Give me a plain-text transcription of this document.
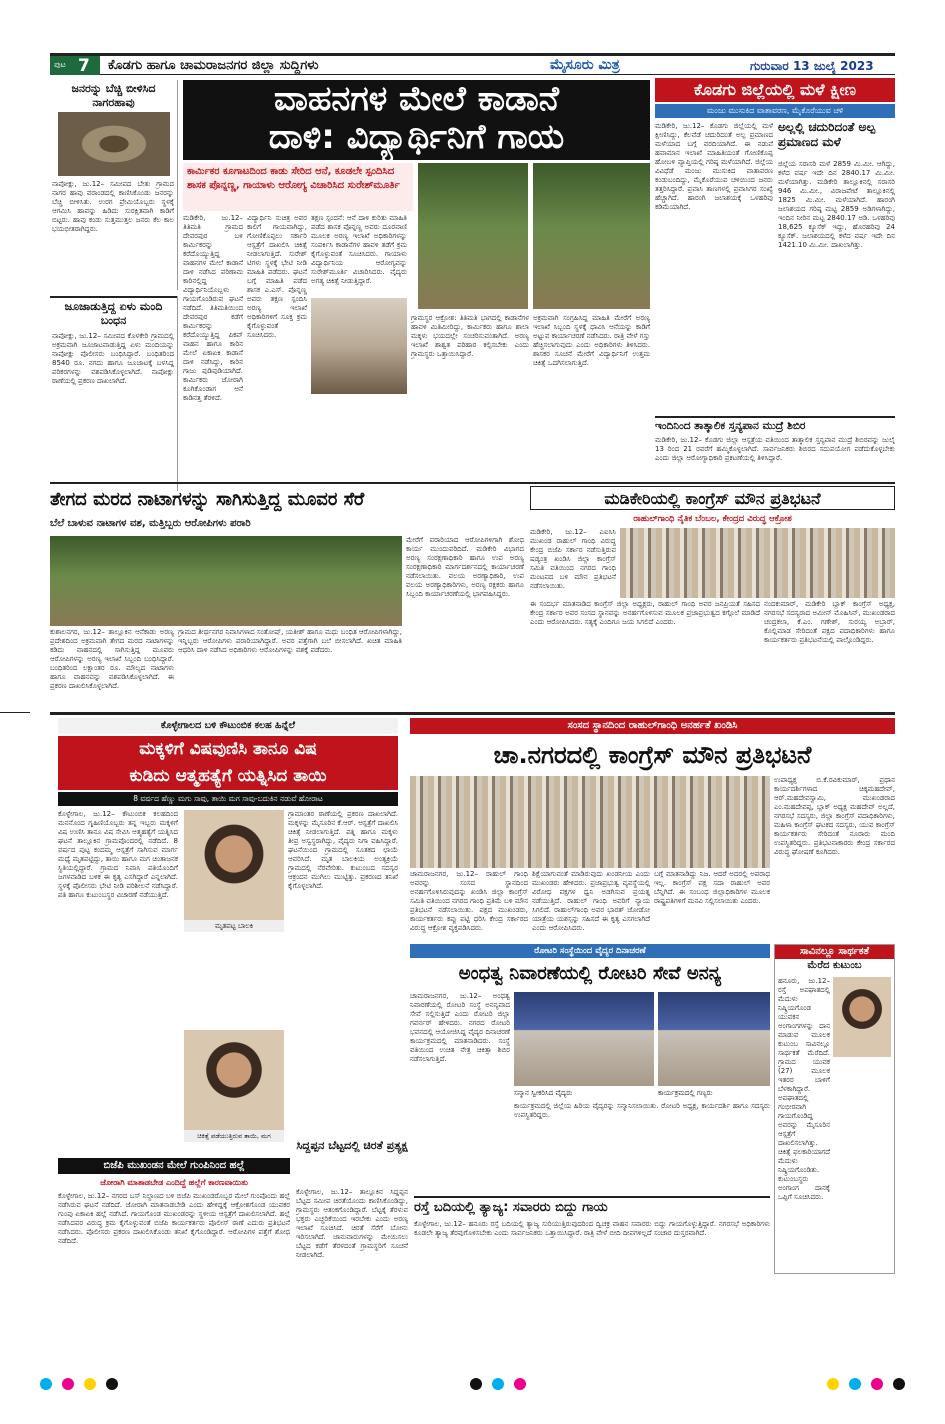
ಪುಟ 7 ಕೊಡಗು ಹಾಗೂ ಚಾಮರಾಜನಗರ ಜಿಲ್ಲಾ ಸುದ್ದಿಗಳು	ಮೈಸೂರು ಮಿತ್ರ	ಗುರುವಾರ 13 ಜುಲೈ 2023
ಜನರನ್ನು ಬೆಚ್ಚಿ ಬೀಳಿಸಿದ ನಾಗರಹಾವು
ನಾಪೋಕ್ಲು, ಜು.12– ಸಮೀಪದ ಬೇತು ಗ್ರಾಮದ ನಾಗರ ಹಾವು ವರಾಂಡದಲ್ಲಿ ಕಾಣಿಸಿಕೊಂಡು ಜನರನ್ನು ಬೆಚ್ಚಿ ಬೀಳಿಸಿತು. ಉರಗ ಪ್ರೇಮಿಯೊಬ್ಬರು ಸ್ಥಳಕ್ಕೆ ಆಗಮಿಸಿ ಹಾವನ್ನು ಹಿಡಿದು ಸುರಕ್ಷಿತವಾಗಿ ಕಾಡಿಗೆ ಬಿಟ್ಟರು. ಹಾವು ಕಂಡು ಸುತ್ತಮುತ್ತಲ ಜನರು ಕೆಲ ಕಾಲ ಭಯಭೀತರಾಗಿದ್ದರು.
ಜೂಜಾಡುತ್ತಿದ್ದ ಏಳು ಮಂದಿ ಬಂಧನ
ನಾಪೋಕ್ಲು, ಜು.12– ಸಮೀಪದ ಕೊಳಕೇರಿ ಗ್ರಾಮದಲ್ಲಿ ಅಕ್ರಮವಾಗಿ ಜೂಜಾಟವಾಡುತ್ತಿದ್ದ ಏಳು ಮಂದಿಯನ್ನು ನಾಪೋಕ್ಲು ಪೊಲೀಸರು ಬಂಧಿಸಿದ್ದಾರೆ. ಬಂಧಿತರಿಂದ 8540 ರೂ. ನಗದು ಹಾಗೂ ಜೂಜಾಟಕ್ಕೆ ಬಳಸಿದ್ದ ಪರಿಕರಗಳನ್ನು ವಶಪಡಿಸಿಕೊಳ್ಳಲಾಗಿದೆ. ನಾಪೋಕ್ಲು ಠಾಣೆಯಲ್ಲಿ ಪ್ರಕರಣ ದಾಖಲಾಗಿದೆ.
ವಾಹನಗಳ ಮೇಲೆ ಕಾಡಾನೆ
ದಾಳಿ: ವಿದ್ಯಾರ್ಥಿನಿಗೆ ಗಾಯ
ಕಾರ್ಮಿಕರ ಕೂಗಾಟದಿಂದ ಕಾಡು ಸೇರಿದ ಆನೆ, ಕೂಡಲೇ ಸ್ಪಂದಿಸಿದ ಶಾಸಕ ಪೊನ್ನಣ್ಣ, ಗಾಯಾಳು ಆರೋಗ್ಯ ವಿಚಾರಿಸಿದ ಸುರೇಶ್‌ಮೂರ್ತಿ
ಮಡಿಕೇರಿ, ಜು.12– ತಿತಿಮತಿ ಗ್ರಾಮದ ದೇವರಪುರ ಬಳಿ ಕಾರ್ಮಿಕರನ್ನು ಕರೆದೊಯ್ಯುತ್ತಿದ್ದ ವಾಹನಗಳ ಮೇಲೆ ಕಾಡಾನೆ ದಾಳಿ ನಡೆಸಿದ ಪರಿಣಾಮ ಕಾರಿನಲ್ಲಿದ್ದ ವಿದ್ಯಾರ್ಥಿನಿಯೊಬ್ಬಳು ಗಾಯಗೊಂಡಿರುವ ಘಟನೆ ನಡೆದಿದೆ. ತಿತಿಮತಿಯಿಂದ ದೇವರಪುರ ಕಡೆಗೆ ಕಾರ್ಮಿಕರನ್ನು ಕರೆದೊಯ್ಯುತ್ತಿದ್ದ ಪಿಕಪ್ ವಾಹನ ಹಾಗೂ ಕಾರಿನ ಮೇಲೆ ಏಕಾಏಕಿ ಕಾಡಾನೆ ದಾಳಿ ನಡೆಸಿದ್ದು, ಕಾರಿನ ಗಾಜು ಪುಡಿಪುಡಿಯಾಗಿದೆ. ಕಾರ್ಮಿಕರು ಜೋರಾಗಿ ಕೂಗಿಕೊಂಡಾಗ ಆನೆ ಕಾಡಿನತ್ತ ತೆರಳಿದೆ.
ವಿದ್ಯಾರ್ಥಿನಿ ಸುಚಿತ್ರ ಅವರ ಕಾಲಿಗೆ ಗಾಯವಾಗಿದ್ದು, ಗೋಣಿಕೊಪ್ಪಲು ಸರ್ಕಾರಿ ಆಸ್ಪತ್ರೆಗೆ ದಾಖಲಿಸಿ ಚಿಕಿತ್ಸೆ ನೀಡಲಾಗುತ್ತಿದೆ. ಸುರೇಶ್ ಟಿಗಳು ಸ್ಥಳಕ್ಕೆ ಭೇಟಿ ನೀಡಿ ಮಾಹಿತಿ ಪಡೆದರು. ಘಟನೆ ಬಗ್ಗೆ ಮಾಹಿತಿ ಪಡೆದ ಶಾಸಕ ಎ.ಎಸ್. ಪೊನ್ನಣ್ಣ ಅವರು ತಕ್ಷಣ ಸ್ಪಂದಿಸಿ ಅರಣ್ಯ ಇಲಾಖೆ ಅಧಿಕಾರಿಗಳಿಗೆ ಸೂಕ್ತ ಕ್ರಮ ಕೈಗೊಳ್ಳುವಂತೆ ಸೂಚಿಸಿದರು.
ತಕ್ಷಣ ಸ್ಪಂದನೆ: ಆನೆ ದಾಳಿ ಕುರಿತು ಮಾಹಿತಿ ಪಡೆದ ಶಾಸಕ ಪೊನ್ನಣ್ಣ ಅವರು ದೂರವಾಣಿ ಮೂಲಕ ಅರಣ್ಯ ಇಲಾಖೆ ಅಧಿಕಾರಿಗಳನ್ನು ಸಂಪರ್ಕಿಸಿ ಕಾಡಾನೆಗಳ ಹಾವಳಿ ತಡೆಗೆ ಕ್ರಮ ಕೈಗೊಳ್ಳುವಂತೆ ಸೂಚಿಸಿದರು. ಗಾಯಾಳು ವಿದ್ಯಾರ್ಥಿನಿಯ ಆರೋಗ್ಯವನ್ನು ಸುರೇಶ್‌ಮೂರ್ತಿ ವಿಚಾರಿಸಿದರು. ವೈದ್ಯರು ಅಗತ್ಯ ಚಿಕಿತ್ಸೆ ನೀಡುತ್ತಿದ್ದಾರೆ.
ಗ್ರಾಮಸ್ಥರ ಆಕ್ರೋಶ: ತಿತಿಮತಿ ಭಾಗದಲ್ಲಿ ಕಾಡಾನೆಗಳ ಹಾವಳಿ ಮಿತಿಮೀರಿದ್ದು, ಕಾರ್ಮಿಕರು ಹಾಗೂ ಶಾಲಾ ಮಕ್ಕಳು ಭಯದಲ್ಲೇ ಸಂಚರಿಸುವಂತಾಗಿದೆ. ಅರಣ್ಯ ಇಲಾಖೆ ಶಾಶ್ವತ ಪರಿಹಾರ ಕಲ್ಪಿಸಬೇಕು ಎಂದು ಗ್ರಾಮಸ್ಥರು ಒತ್ತಾಯಿಸಿದ್ದಾರೆ.
ಅಕ್ರಮವಾಗಿ ಸಂಗ್ರಹಿಸಿದ್ದ ಮಾಹಿತಿ ಮೇರೆಗೆ ಅರಣ್ಯ ಇಲಾಖೆ ಸಿಬ್ಬಂದಿ ಸ್ಥಳಕ್ಕೆ ಧಾವಿಸಿ ಆನೆಯನ್ನು ಕಾಡಿಗೆ ಅಟ್ಟುವ ಕಾರ್ಯಾಚರಣೆ ನಡೆಸಿದರು. ರಾತ್ರಿ ವೇಳೆ ಗಸ್ತು ಹೆಚ್ಚಿಸಲಾಗುವುದು ಎಂದು ಅಧಿಕಾರಿಗಳು ತಿಳಿಸಿದರು. ಶಾಸಕರ ಸೂಚನೆ ಮೇರೆಗೆ ವಿದ್ಯಾರ್ಥಿನಿಗೆ ಉತ್ತಮ ಚಿಕಿತ್ಸೆ ಒದಗಿಸಲಾಗುತ್ತಿದೆ.
ಕೊಡಗು ಜಿಲ್ಲೆಯಲ್ಲಿ ಮಳೆ ಕ್ಷೀಣ
ಮಂಜು ಮುಸುಕಿದ ವಾತಾವರಣ, ಮೈಕೊರೆಯುವ ಚಳಿ
ಮಡಿಕೇರಿ, ಜು.12– ಕೊಡಗು ಜಿಲ್ಲೆಯಲ್ಲಿ ಮಳೆ ಕ್ಷೀಣಿಸಿದ್ದು, ಕೆಲವೆಡೆ ಚದುರಿದಂತೆ ಅಲ್ಪ ಪ್ರಮಾಣದ ಮಳೆಯಾದ ಬಗ್ಗೆ ವರದಿಯಾಗಿದೆ. ಈ ನಡುವೆ ಹವಾಮಾನ ಇಲಾಖೆ ಮಾಹಿತಿಯಂತೆ ಗೋಣಿಕೊಪ್ಪ ಹೋಬಳಿ ವ್ಯಾಪ್ತಿಯಲ್ಲಿ ಗರಿಷ್ಠ ಮಳೆಯಾಗಿದೆ. ಜಿಲ್ಲೆಯ ವಿವಿಧೆಡೆ ಮಂಜು ಮುಸುಕಿದ ವಾತಾವರಣ ಕಂಡುಬಂದಿದ್ದು, ಮೈಕೊರೆಯುವ ಚಳಿಯಿಂದ ಜನರು ತತ್ತರಿಸಿದ್ದಾರೆ. ಪ್ರವಾಸಿ ತಾಣಗಳಲ್ಲಿ ಪ್ರವಾಸಿಗರ ಸಂಖ್ಯೆ ಹೆಚ್ಚಾಗಿದೆ. ಹಾರಂಗಿ ಜಲಾಶಯಕ್ಕೆ ಒಳಹರಿವು ಕಡಿಮೆಯಾಗಿದೆ.
ಅಲ್ಲಲ್ಲಿ ಚದುರಿದಂತೆ ಅಲ್ಪ ಪ್ರಮಾಣದ ಮಳೆ
ಜಿಲ್ಲೆಯ ಸರಾಸರಿ ಮಳೆ 2859 ಮಿ.ಮೀ. ಆಗಿದ್ದು, ಕಳೆದ ವರ್ಷ ಇದೇ ದಿನ 2840.17 ಮಿ.ಮೀ. ಮಳೆಯಾಗಿತ್ತು. ಮಡಿಕೇರಿ ತಾಲ್ಲೂಕಿನಲ್ಲಿ ಸರಾಸರಿ 946 ಮಿ.ಮೀ., ವಿರಾಜಪೇಟೆ ತಾಲ್ಲೂಕಿನಲ್ಲಿ 1825 ಮಿ.ಮೀ. ಮಳೆಯಾಗಿದೆ. ಹಾರಂಗಿ ಜಲಾಶಯದ ಗರಿಷ್ಠ ಮಟ್ಟ 2859 ಅಡಿಗಳಾಗಿದ್ದು, ಇಂದಿನ ನೀರಿನ ಮಟ್ಟ 2840.17 ಅಡಿ. ಒಳಹರಿವು 18,625 ಕ್ಯೂಸೆಕ್ ಇದ್ದು, ಹೊರಹರಿವು 24 ಕ್ಯೂಸೆಕ್. ಜಲಾಶಯದಲ್ಲಿ ಕಳೆದ ವರ್ಷ ಇದೇ ದಿನ 1421.10 ಮಿ.ಮೀ. ದಾಖಲಾಗಿತ್ತು.
ಇಂದಿನಿಂದ ತಾತ್ಕಾಲಿಕ ಸ್ತನ್ಯಪಾನ ಮುದ್ರೆ ಶಿಬಿರ
ಮಡಿಕೇರಿ, ಜು.12– ಕೊಡಗು ಜಿಲ್ಲಾ ಆಸ್ಪತ್ರೆಯ ವತಿಯಿಂದ ತಾತ್ಕಾಲಿಕ ಸ್ತನ್ಯಪಾನ ಮುದ್ರೆ ಶಿಬಿರವನ್ನು ಜುಲೈ 13 ರಿಂದ 21 ರವರೆಗೆ ಹಮ್ಮಿಕೊಳ್ಳಲಾಗಿದೆ. ಸಾರ್ವಜನಿಕರು ಶಿಬಿರದ ಸದುಪಯೋಗ ಪಡೆದುಕೊಳ್ಳಬೇಕು ಎಂದು ಜಿಲ್ಲಾ ಆರೋಗ್ಯಾಧಿಕಾರಿ ಪ್ರಕಟಣೆಯಲ್ಲಿ ತಿಳಿಸಿದ್ದಾರೆ.
ತೇಗದ ಮರದ ನಾಟಾಗಳನ್ನು ಸಾಗಿಸುತ್ತಿದ್ದ ಮೂವರ ಸೆರೆ
ಬೆಲೆ ಬಾಳುವ ನಾಟಾಗಳ ವಶ, ಮತ್ತಿಬ್ಬರು ಆರೋಪಿಗಳು ಪರಾರಿ
ಕುಶಾಲನಗರ, ಜು.12– ತಾಲ್ಲೂಕಿನ ಆನೆಕಾಡು ಅರಣ್ಯ ಪ್ರದೇಶದಿಂದ ಅಕ್ರಮವಾಗಿ ತೇಗದ ಮರದ ನಾಟಾಗಳನ್ನು ಕಡಿದು ವಾಹನದಲ್ಲಿ ಸಾಗಿಸುತ್ತಿದ್ದ ಮೂವರು ಆರೋಪಿಗಳನ್ನು ಅರಣ್ಯ ಇಲಾಖೆ ಸಿಬ್ಬಂದಿ ಬಂಧಿಸಿದ್ದಾರೆ. ಬಂಧಿತರಿಂದ ಲಕ್ಷಾಂತರ ರೂ. ಮೌಲ್ಯದ ನಾಟಾಗಳು ಹಾಗೂ ವಾಹನವನ್ನು ವಶಪಡಿಸಿಕೊಳ್ಳಲಾಗಿದೆ. ಈ ಪ್ರಕರಣ ದಾಖಲಿಸಿಕೊಳ್ಳಲಾಗಿದೆ.
ಗ್ರಾಮದ ತೀರ್ಥನಗರ ನಿವಾಸಿಗಳಾದ ಸಂತೋಷ್, ಯತೀಶ್ ಹಾಗೂ ಮಧು ಬಂಧಿತ ಆರೋಪಿಗಳಾಗಿದ್ದು, ಇನ್ನಿಬ್ಬರು ಆರೋಪಿಗಳು ಪರಾರಿಯಾಗಿದ್ದಾರೆ. ಅವರ ಪತ್ತೆಗಾಗಿ ಬಲೆ ಬೀಸಲಾಗಿದೆ. ಖಚಿತ ಮಾಹಿತಿ ಆಧರಿಸಿ ದಾಳಿ ನಡೆಸಿದ ಅಧಿಕಾರಿಗಳು ಆರೋಪಿಗಳನ್ನು ವಶಕ್ಕೆ ಪಡೆದರು.
ಮೇರೆಗೆ ಪರಾರಿಯಾದ ಆರೋಪಿಗಳಿಗಾಗಿ ಶೋಧ ಕಾರ್ಯ ಮುಂದುವರಿದಿದೆ. ಮಡಿಕೇರಿ ವಿಭಾಗದ ಅರಣ್ಯ ಸಂರಕ್ಷಣಾಧಿಕಾರಿ ಹಾಗೂ ಉಪ ಅರಣ್ಯ ಸಂರಕ್ಷಣಾಧಿಕಾರಿ ಮಾರ್ಗದರ್ಶನದಲ್ಲಿ ಕಾರ್ಯಾಚರಣೆ ನಡೆಸಲಾಯಿತು. ವಲಯ ಅರಣ್ಯಾಧಿಕಾರಿ, ಉಪ ವಲಯ ಅರಣ್ಯಾಧಿಕಾರಿಗಳು, ಅರಣ್ಯ ರಕ್ಷಕರು ಹಾಗೂ ಸಿಬ್ಬಂದಿ ಕಾರ್ಯಾಚರಣೆಯಲ್ಲಿ ಭಾಗವಹಿಸಿದ್ದರು.
ಮಡಿಕೇರಿಯಲ್ಲಿ ಕಾಂಗ್ರೆಸ್ ಮೌನ ಪ್ರತಿಭಟನೆ
ರಾಹುಲ್‌ಗಾಂಧಿ ನೈತಿಕ ಬೆಂಬಲ, ಕೇಂದ್ರದ ವಿರುದ್ಧ ಆಕ್ರೋಶ
ಮಡಿಕೇರಿ, ಜು.12– ಎಐಸಿಸಿ ಮುಖಂಡ ರಾಹುಲ್ ಗಾಂಧಿ ವಿರುದ್ಧ ಕೇಂದ್ರ ಬಿಜೆಪಿ ಸರ್ಕಾರ ನಡೆಸುತ್ತಿರುವ ಷಡ್ಯಂತ್ರ ಖಂಡಿಸಿ ಜಿಲ್ಲಾ ಕಾಂಗ್ರೆಸ್ ಸಮಿತಿ ವತಿಯಿಂದ ನಗರದ ಗಾಂಧಿ ಮಂಟಪದ ಬಳಿ ಮೌನ ಪ್ರತಿಭಟನೆ ನಡೆಸಲಾಯಿತು.
ಈ ಸಂದರ್ಭ ಮಾತನಾಡಿದ ಕಾಂಗ್ರೆಸ್ ಜಿಲ್ಲಾ ಅಧ್ಯಕ್ಷರು, ರಾಹುಲ್ ಗಾಂಧಿ ಅವರ ಜನಪ್ರಿಯತೆ ಸಹಿಸದ ಕೇಂದ್ರ ಸರ್ಕಾರ ಅವರ ಸಂಸದ ಸ್ಥಾನವನ್ನು ಅನರ್ಹಗೊಳಿಸುವ ಮೂಲಕ ಪ್ರಜಾಪ್ರಭುತ್ವದ ಕಗ್ಗೊಲೆ ಮಾಡಿದೆ ಎಂದು ಆರೋಪಿಸಿದರು. ಸತ್ಯಕ್ಕೆ ಎಂದಿಗೂ ಜಯ ಸಿಗಲಿದೆ ಎಂದರು.
ನಂದಕುಮಾರ್, ಮಡಿಕೇರಿ ಬ್ಲಾಕ್ ಕಾಂಗ್ರೆಸ್ ಅಧ್ಯಕ್ಷ, ನಗರಸಭೆ ಸದಸ್ಯರಾದ ಅಮೀನ್ ಮೊಹಿಸಿನ್, ಮುಖಂಡರಾದ ಚಂದ್ರಕಲಾ, ಕೆ.ಎಂ. ಗಣೇಶ್, ಸುರಯ್ಯ ಅಬ್ರಾರ್, ಕೊಲ್ಲಿಮಾಡ ಸೇರಿದಂತೆ ಪಕ್ಷದ ಪದಾಧಿಕಾರಿಗಳು ಹಾಗೂ ಕಾರ್ಯಕರ್ತರು ಪ್ರತಿಭಟನೆಯಲ್ಲಿ ಪಾಲ್ಗೊಂಡಿದ್ದರು.
ಕೊಳ್ಳೇಗಾಲದ ಬಳಿ ಕೌಟುಂಬಿಕ ಕಲಹ ಹಿನ್ನೆಲೆ
ಮಕ್ಕಳಿಗೆ ವಿಷವುಣಿಸಿ ತಾನೂ ವಿಷ
ಕುಡಿದು ಆತ್ಮಹತ್ಯೆಗೆ ಯತ್ನಿಸಿದ ತಾಯಿ
8 ವರ್ಷದ ಹೆಣ್ಣು ಮಗು ಸಾವು, ತಾಯಿ ಮಗ ಸಾವು-ಬದುಕಿನ ನಡುವೆ ಹೋರಾಟ
ಕೊಳ್ಳೇಗಾಲ, ಜು.12– ಕೌಟುಂಬಿಕ ಕಲಹದಿಂದ ಮನನೊಂದ ಗೃಹಿಣಿಯೊಬ್ಬರು ತನ್ನ ಇಬ್ಬರು ಮಕ್ಕಳಿಗೆ ವಿಷ ಉಣಿಸಿ ತಾನೂ ವಿಷ ಸೇವಿಸಿ ಆತ್ಮಹತ್ಯೆಗೆ ಯತ್ನಿಸಿದ ಘಟನೆ ತಾಲ್ಲೂಕಿನ ಗ್ರಾಮವೊಂದರಲ್ಲಿ ನಡೆದಿದೆ. 8 ವರ್ಷದ ಪುಟ್ಟ ಕಂದಮ್ಮ ಆಸ್ಪತ್ರೆಗೆ ಸಾಗಿಸುವ ಮಾರ್ಗ ಮಧ್ಯೆ ಮೃತಪಟ್ಟಿದ್ದು, ತಾಯಿ ಹಾಗೂ ಮಗ ಚಿಂತಾಜನಕ ಸ್ಥಿತಿಯಲ್ಲಿದ್ದಾರೆ. ಗ್ರಾಮದ ನಿವಾಸಿ ಪತಿಯೊಂದಿಗೆ ಜಗಳವಾಡಿದ ಬಳಿಕ ಈ ಕೃತ್ಯ ಎಸಗಿದ್ದಾರೆ ಎನ್ನಲಾಗಿದೆ. ಸ್ಥಳಕ್ಕೆ ಪೊಲೀಸರು ಭೇಟಿ ನೀಡಿ ಪರಿಶೀಲನೆ ನಡೆಸಿದ್ದಾರೆ. ಪತಿ ಹಾಗೂ ಕುಟುಂಬಸ್ಥರ ವಿಚಾರಣೆ ನಡೆಯುತ್ತಿದೆ.
ಮೃತಪಟ್ಟ ಬಾಲಕಿ
ಗ್ರಾಮಾಂತರ ಠಾಣೆಯಲ್ಲಿ ಪ್ರಕರಣ ದಾಖಲಾಗಿದೆ. ಮಕ್ಕಳನ್ನು ಮೈಸೂರಿನ ಕೆ.ಆರ್. ಆಸ್ಪತ್ರೆಗೆ ದಾಖಲಿಸಿ ಚಿಕಿತ್ಸೆ ನೀಡಲಾಗುತ್ತಿದೆ. ಪತ್ನಿ ಹಾಗೂ ಮಕ್ಕಳು ತೀವ್ರ ಅಸ್ವಸ್ಥರಾಗಿದ್ದು, ವೈದ್ಯರು ನಿಗಾ ವಹಿಸಿದ್ದಾರೆ. ಘಟನೆಯಿಂದ ಗ್ರಾಮದಲ್ಲಿ ಸೂತಕದ ಛಾಯೆ ಆವರಿಸಿದೆ. ಮೃತ ಬಾಲಕಿಯ ಅಂತ್ಯಕ್ರಿಯೆ ಗ್ರಾಮದಲ್ಲಿ ನೆರವೇರಿತು. ಕುಟುಂಬದ ಸದಸ್ಯರ ಆಕ್ರಂದನ ಮುಗಿಲು ಮುಟ್ಟಿತ್ತು. ಪ್ರಕರಣದ ತನಿಖೆ ಕೈಗೊಳ್ಳಲಾಗಿದೆ.
ಚಿಕಿತ್ಸೆ ಪಡೆಯುತ್ತಿರುವ ತಾಯಿ, ಮಗ
ಸಂಸದ ಸ್ಥಾನದಿಂದ ರಾಹುಲ್‌ಗಾಂಧಿ ಅನರ್ಹತೆ ಖಂಡಿಸಿ
ಚಾ.ನಗರದಲ್ಲಿ ಕಾಂಗ್ರೆಸ್ ಮೌನ ಪ್ರತಿಭಟನೆ
ಚಾಮರಾಜನಗರ, ಜು.12– ರಾಹುಲ್ ಗಾಂಧಿ ಅವರನ್ನು ಸಂಸದ ಸ್ಥಾನದಿಂದ ಅನರ್ಹಗೊಳಿಸಿರುವುದನ್ನು ಖಂಡಿಸಿ ಜಿಲ್ಲಾ ಕಾಂಗ್ರೆಸ್ ಸಮಿತಿ ವತಿಯಿಂದ ನಗರದ ಗಾಂಧಿ ಪ್ರತಿಮೆ ಬಳಿ ಮೌನ ಪ್ರತಿಭಟನೆ ನಡೆಸಲಾಯಿತು. ಪಕ್ಷದ ಮುಖಂಡರು, ಕಾರ್ಯಕರ್ತರು ಕಪ್ಪು ಪಟ್ಟಿ ಧರಿಸಿ ಕೇಂದ್ರ ಸರ್ಕಾರದ ವಿರುದ್ಧ ಆಕ್ರೋಶ ವ್ಯಕ್ತಪಡಿಸಿದರು.
ಶಿಕ್ಷೆಯಾಗುವಂತೆ ಮಾಡಿರುವುದು ಖಂಡನೀಯ ಎಂದು ಮುಖಂಡರು ಹೇಳಿದರು. ಪ್ರಜಾಪ್ರಭುತ್ವ ವ್ಯವಸ್ಥೆಯಲ್ಲಿ ವಿರೋಧ ಪಕ್ಷಗಳ ಧ್ವನಿ ಅಡಗಿಸುವ ಪ್ರಯತ್ನ ನಡೆಯುತ್ತಿದೆ. ರಾಹುಲ್ ಗಾಂಧಿ ಅವರಿಗೆ ನ್ಯಾಯ ಸಿಗಲಿದೆ. ರಾಹುಲ್‌ಗಾಂಧಿ ಅವರ ಭಾರತ್ ಜೋಡೋ ಯಾತ್ರೆಯ ಯಶಸ್ಸನ್ನು ಸಹಿಸದೆ ಈ ಕೃತ್ಯ ಎಸಗಲಾಗಿದೆ ಎಂದು ಆರೋಪಿಸಿದರು.
ಬಗ್ಗೆ ಮಾತನಾಡಿದ್ದು ನಿಜ. ಆದರೆ ಅದರಲ್ಲಿ ಅಪರಾಧ ಇಲ್ಲ. ಕಾಂಗ್ರೆಸ್ ಪಕ್ಷ ಸದಾ ರಾಹುಲ್ ಅವರ ಬೆನ್ನಿಗಿದೆ. ಈ ಸಂಬಂಧ ಜಿಲ್ಲಾಧಿಕಾರಿಗಳ ಮೂಲಕ ರಾಷ್ಟ್ರಪತಿಗಳಿಗೆ ಮನವಿ ಸಲ್ಲಿಸಲಾಯಿತು ಎಂದರು.
ಉಪಾಧ್ಯಕ್ಷ ಬಿ.ಕೆ.ರವಿಕುಮಾರ್, ಪ್ರಧಾನ ಕಾರ್ಯದರ್ಶಿಗಳಾದ ಚಿಕ್ಕಮಹದೇವ್, ಆರ್.ಮಹದೇವಸ್ವಾಮಿ, ಮುಖಂಡರಾದ ಎಂ.ಮಹದೇವಪ್ಪ, ಬ್ಲಾಕ್ ಅಧ್ಯಕ್ಷ ಮಹದೇವ್ ಅಲ್ಲದೆ, ನಗರಸಭೆ ಸದಸ್ಯರು, ಜಿಲ್ಲಾ ಕಾಂಗ್ರೆಸ್ ಪದಾಧಿಕಾರಿಗಳು, ಮಹಿಳಾ ಕಾಂಗ್ರೆಸ್ ಘಟಕದ ಸದಸ್ಯರು, ಯುವ ಕಾಂಗ್ರೆಸ್ ಕಾರ್ಯಕರ್ತರು ಸೇರಿದಂತೆ ನೂರಾರು ಮಂದಿ ಉಪಸ್ಥಿತರಿದ್ದರು. ಪ್ರತಿಭಟನಾಕಾರರು ಕೇಂದ್ರ ಸರ್ಕಾರದ ವಿರುದ್ಧ ಘೋಷಣೆ ಕೂಗಿದರು.
ರೋಟರಿ ಸಂಸ್ಥೆಯಿಂದ ವೈದ್ಯರ ದಿನಾಚರಣೆ
ಅಂಧತ್ವ ನಿವಾರಣೆಯಲ್ಲಿ ರೋಟರಿ ಸೇವೆ ಅನನ್ಯ
ಚಾಮರಾಜನಗರ, ಜು.12– ಅಂಧತ್ವ ನಿವಾರಣೆಯಲ್ಲಿ ರೋಟರಿ ಸಂಸ್ಥೆ ಅನನ್ಯವಾದ ಸೇವೆ ಸಲ್ಲಿಸುತ್ತಿದೆ ಎಂದು ರೋಟರಿ ಜಿಲ್ಲಾ ಗವರ್ನರ್ ಹೇಳಿದರು. ನಗರದ ರೋಟರಿ ಭವನದಲ್ಲಿ ಆಯೋಜಿಸಿದ್ದ ವೈದ್ಯರ ದಿನಾಚರಣೆ ಕಾರ್ಯಕ್ರಮದಲ್ಲಿ ಮಾತನಾಡಿದರು. ಸಂಸ್ಥೆ ವತಿಯಿಂದ ಉಚಿತ ನೇತ್ರ ಚಿಕಿತ್ಸಾ ಶಿಬಿರ ನಡೆಸಲಾಗುತ್ತಿದೆ.
ಸನ್ಮಾನ ಸ್ವೀಕರಿಸಿದ ವೈದ್ಯರು	ಕಾರ್ಯಕ್ರಮದಲ್ಲಿ ಗಣ್ಯರು
ಕಾರ್ಯಕ್ರಮದಲ್ಲಿ ಜಿಲ್ಲೆಯ ಹಿರಿಯ ವೈದ್ಯರನ್ನು ಸನ್ಮಾನಿಸಲಾಯಿತು. ರೋಟರಿ ಅಧ್ಯಕ್ಷ, ಕಾರ್ಯದರ್ಶಿ ಹಾಗೂ ಸದಸ್ಯರು ಉಪಸ್ಥಿತರಿದ್ದರು.
ಸಾವಿನಲ್ಲೂ ಸಾರ್ಥಕತೆ
ಮೆರೆದ ಕುಟುಂಬ
ಹನೂರು, ಜು.12– ರಸ್ತೆ ಅಪಘಾತದಲ್ಲಿ ಮೆದುಳು ನಿಷ್ಕ್ರಿಯಗೊಂಡ ಯುವಕನ ಅಂಗಾಂಗಗಳನ್ನು ದಾನ ಮಾಡುವ ಮೂಲಕ ಕುಟುಂಬ ಸಾವಿನಲ್ಲೂ ಸಾರ್ಥಕತೆ ಮೆರೆದಿದೆ. ಗ್ರಾಮದ ಯುವಕ (27) ಮೂಲಕ ಇತರರ ಬಾಳಿಗೆ ಬೆಳಕಾಗಿದ್ದಾರೆ. ಅಪಘಾತದಲ್ಲಿ ಗಂಭೀರವಾಗಿ ಗಾಯಗೊಂಡಿದ್ದ ಅವರನ್ನು ಮೈಸೂರಿನ ಆಸ್ಪತ್ರೆಗೆ ದಾಖಲಿಸಲಾಗಿತ್ತು. ಚಿಕಿತ್ಸೆ ಫಲಕಾರಿಯಾಗದೆ ಮೆದುಳು ನಿಷ್ಕ್ರಿಯಗೊಂಡಿತು. ಕುಟುಂಬಸ್ಥರು ಅಂಗಾಂಗ ದಾನಕ್ಕೆ ಒಪ್ಪಿಗೆ ಸೂಚಿಸಿದರು.
ಬಿಜೆಪಿ ಮುಖಂಡನ ಮೇಲೆ ಗುಂಪಿನಿಂದ ಹಲ್ಲೆ
ಜೋರಾಗಿ ಮಾತಾಡಬೇಡ ಎಂದಿದ್ದೆ ಹಲ್ಲೆಗೆ ಕಾರಣವಾಯಿತು
ಕೊಳ್ಳೇಗಾಲ, ಜು.12– ನಗರದ ಬಸ್ ನಿಲ್ದಾಣದ ಬಳಿ ಬಿಜೆಪಿ ಮುಖಂಡರೊಬ್ಬರ ಮೇಲೆ ಗುಂಪೊಂದು ಹಲ್ಲೆ ನಡೆಸಿರುವ ಘಟನೆ ನಡೆದಿದೆ. ಜೋರಾಗಿ ಮಾತನಾಡಬೇಡಿ ಎಂದು ಹೇಳಿದ್ದಕ್ಕೆ ಆಕ್ರೋಶಗೊಂಡ ಯುವಕರ ಗುಂಪು ಏಕಾಏಕಿ ಹಲ್ಲೆ ನಡೆಸಿದೆ. ಗಾಯಗೊಂಡ ಮುಖಂಡರನ್ನು ಸ್ಥಳೀಯ ಆಸ್ಪತ್ರೆಗೆ ದಾಖಲಿಸಲಾಗಿದೆ. ಹಲ್ಲೆ ನಡೆಸಿದವರ ವಿರುದ್ಧ ಕ್ರಮ ಕೈಗೊಳ್ಳುವಂತೆ ಬಿಜೆಪಿ ಕಾರ್ಯಕರ್ತರು ಪೊಲೀಸ್ ಠಾಣೆ ಎದುರು ಪ್ರತಿಭಟನೆ ನಡೆಸಿದರು. ಪೊಲೀಸರು ಪ್ರಕರಣ ದಾಖಲಿಸಿಕೊಂಡು ತನಿಖೆ ಕೈಗೊಂಡಿದ್ದಾರೆ. ಆರೋಪಿಗಳ ಪತ್ತೆಗೆ ಶೋಧ ನಡೆದಿದೆ.
ಸಿದ್ದಪ್ಪನ ಬೆಟ್ಟದಲ್ಲಿ ಚಿರತೆ ಪ್ರತ್ಯಕ್ಷ
ಕೊಳ್ಳೇಗಾಲ, ಜು.12– ತಾಲ್ಲೂಕಿನ ಸಿದ್ದಪ್ಪನ ಬೆಟ್ಟದ ಸಮೀಪ ಚಿರತೆಯೊಂದು ಕಾಣಿಸಿಕೊಂಡಿದ್ದು, ಗ್ರಾಮಸ್ಥರು ಆತಂಕಗೊಂಡಿದ್ದಾರೆ. ಬೆಟ್ಟಕ್ಕೆ ತೆರಳುವ ಭಕ್ತರು ಎಚ್ಚರಿಕೆಯಿಂದ ಇರಬೇಕು ಎಂದು ಅರಣ್ಯ ಇಲಾಖೆ ಸೂಚಿಸಿದೆ. ಚಿರತೆ ಸೆರೆಗೆ ಬೋನು ಇರಿಸಲಾಗಿದೆ. ಜಾನುವಾರುಗಳನ್ನು ಮೇಯಿಸಲು ಬೆಟ್ಟದ ಕಡೆಗೆ ತೆರಳದಂತೆ ಗ್ರಾಮಸ್ಥರಿಗೆ ಸೂಚನೆ ನೀಡಲಾಗಿದೆ.
ರಸ್ತೆ ಬದಿಯಲ್ಲಿ ತ್ಯಾಜ್ಯ: ಸವಾರರು ಬಿದ್ದು ಗಾಯ
ಕೊಳ್ಳೇಗಾಲ, ಜು.12– ಹನೂರು ರಸ್ತೆ ಬದಿಯಲ್ಲಿ ತ್ಯಾಜ್ಯ ಸುರಿಯುತ್ತಿರುವುದರಿಂದ ದ್ವಿಚಕ್ರ ವಾಹನ ಸವಾರರು ಬಿದ್ದು ಗಾಯಗೊಳ್ಳುತ್ತಿದ್ದಾರೆ. ನಗರಸಭೆ ಅಧಿಕಾರಿಗಳು ಕೂಡಲೇ ತ್ಯಾಜ್ಯ ತೆರವುಗೊಳಿಸಬೇಕು ಎಂದು ಸಾರ್ವಜನಿಕರು ಒತ್ತಾಯಿಸಿದ್ದಾರೆ. ರಾತ್ರಿ ವೇಳೆ ಬೀದಿ ದೀಪಗಳಿಲ್ಲದೆ ಸಂಚಾರ ದುಸ್ತರವಾಗಿದೆ.
